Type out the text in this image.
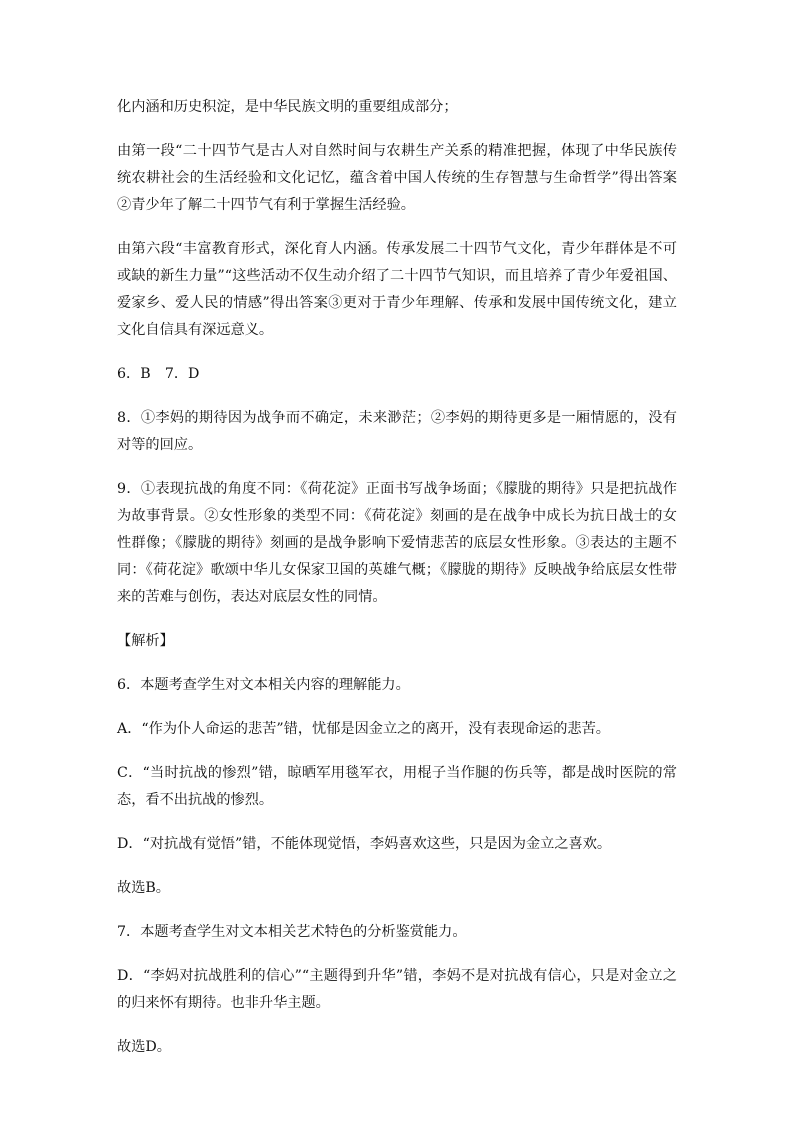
化内涵和历史积淀，是中华民族文明的重要组成部分；

由第一段“二十四节气是古人对自然时间与农耕生产关系的精准把握，体现了中华民族传统农耕社会的生活经验和文化记忆，蕴含着中国人传统的生存智慧与生命哲学”得出答案②青少年了解二十四节气有利于掌握生活经验。

由第六段“丰富教育形式，深化育人内涵。传承发展二十四节气文化，青少年群体是不可或缺的新生力量”“这些活动不仅生动介绍了二十四节气知识，而且培养了青少年爱祖国、爱家乡、爱人民的情感”得出答案③更对于青少年理解、传承和发展中国传统文化，建立文化自信具有深远意义。

6．B　7．D

8．①李妈的期待因为战争而不确定，未来渺茫；②李妈的期待更多是一厢情愿的，没有对等的回应。

9．①表现抗战的角度不同：《荷花淀》正面书写战争场面；《朦胧的期待》只是把抗战作为故事背景。②女性形象的类型不同：《荷花淀》刻画的是在战争中成长为抗日战士的女性群像；《朦胧的期待》刻画的是战争影响下爱情悲苦的底层女性形象。③表达的主题不同：《荷花淀》歌颂中华儿女保家卫国的英雄气概；《朦胧的期待》反映战争给底层女性带来的苦难与创伤，表达对底层女性的同情。

【解析】

6．本题考查学生对文本相关内容的理解能力。

A．“作为仆人命运的悲苦”错，忧郁是因金立之的离开，没有表现命运的悲苦。

C．“当时抗战的惨烈”错，晾晒军用毯军衣，用棍子当作腿的伤兵等，都是战时医院的常态，看不出抗战的惨烈。

D．“对抗战有觉悟”错，不能体现觉悟，李妈喜欢这些，只是因为金立之喜欢。

故选B。

7．本题考查学生对文本相关艺术特色的分析鉴赏能力。

D．“李妈对抗战胜利的信心”“主题得到升华”错，李妈不是对抗战有信心，只是对金立之的归来怀有期待。也非升华主题。

故选D。
